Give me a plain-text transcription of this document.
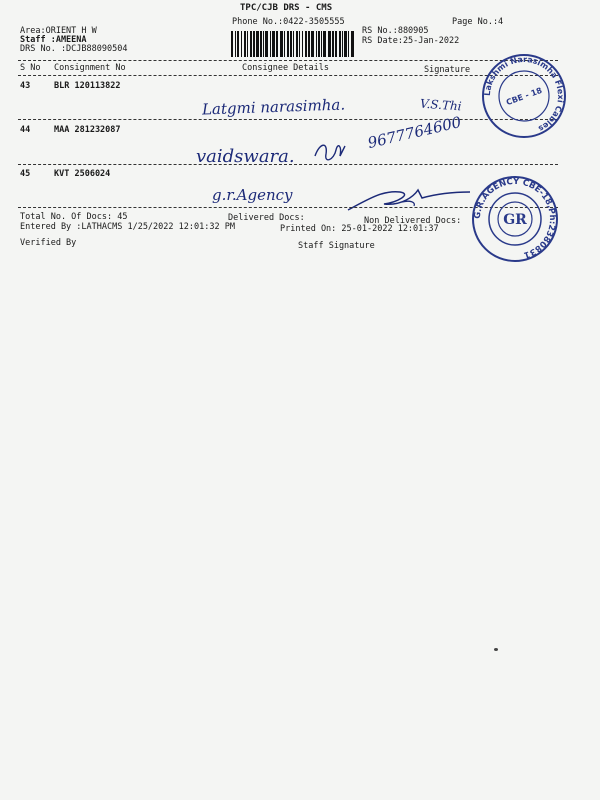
TPC/CJB DRS - CMS
Phone No.:0422-3505555	Page No.:4
Area:ORIENT H W	RS No.:880905
Staff :AMEENA	RS Date:25-Jan-2022
DRS No. :DCJB88090504
S No Consignment No	Consignee Details	Signature
43	BLR 120113822
Latgmi narasimha.	V.S.Thi
44	MAA 281232087
vaidswara.
9677764600
45	KVT 2506024
g.r.Agency
Total No. Of Docs: 45	Delivered Docs:	Non Delivered Docs:
Entered By :LATHACMS 1/25/2022 12:01:32 PM	Printed On: 25-01-2022 12:01:37
Verified By	Staff Signature
Lakshmi Narasimha Flexi Cables
CBE - 18
G.R.AGENCY CBE-18,Ph:2380831
GR
